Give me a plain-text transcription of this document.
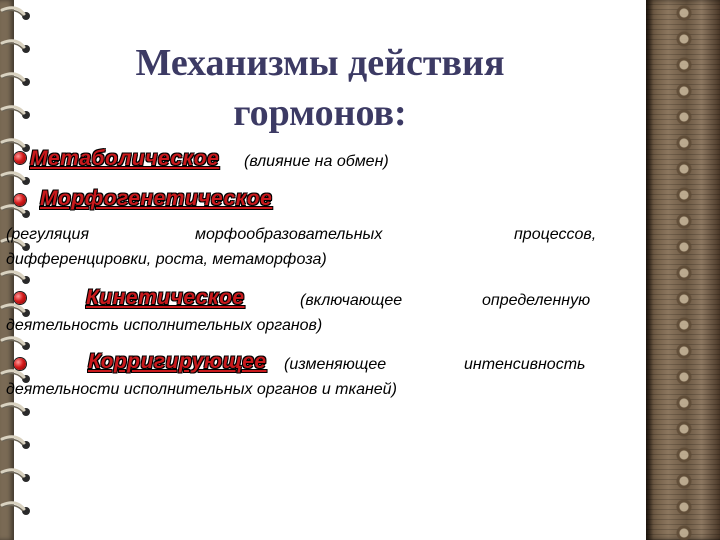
Механизмы действия
гормонов:
Метаболическое (влияние на обмен)
Морфогенетическое
(регуляция	морфообразовательных	процессов,
дифференцировки, роста, метаморфоза)
Кинетическое	(включающее	определенную
деятельность исполнительных органов)
Корригирующее (изменяющее	интенсивность
деятельности исполнительных органов и тканей)
